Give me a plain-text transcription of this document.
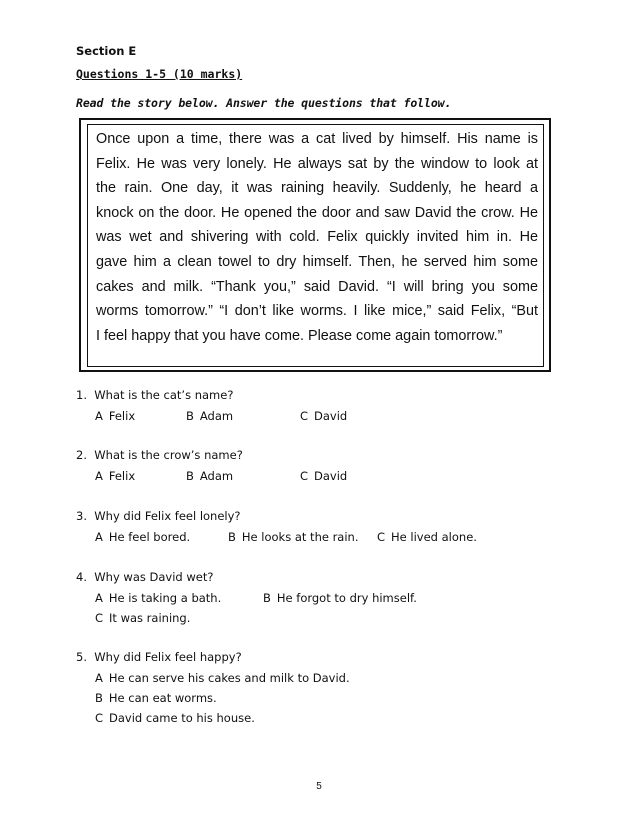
Section E
Questions 1-5 (10 marks)
Read the story below. Answer the questions that follow.
Once upon a time, there was a cat lived by himself. His name is
Felix. He was very lonely. He always sat by the window to look at
the rain. One day, it was raining heavily. Suddenly, he heard a
knock on the door. He opened the door and saw David the crow. He
was wet and shivering with cold. Felix quickly invited him in. He
gave him a clean towel to dry himself. Then, he served him some
cakes and milk. “Thank you,” said David. “I will bring you some
worms tomorrow.” “I don’t like worms. I like mice,” said Felix, “But
I feel happy that you have come. Please come again tomorrow.”
1. What is the cat’s name?
A Felix	B Adam	C David
2. What is the crow’s name?
A Felix	B Adam	C David
3. Why did Felix feel lonely?
A He feel bored.	B He looks at the rain. C He lived alone.
4. Why was David wet?
A He is taking a bath.	B He forgot to dry himself.
C It was raining.
5. Why did Felix feel happy?
A He can serve his cakes and milk to David.
B He can eat worms.
C David came to his house.
5
